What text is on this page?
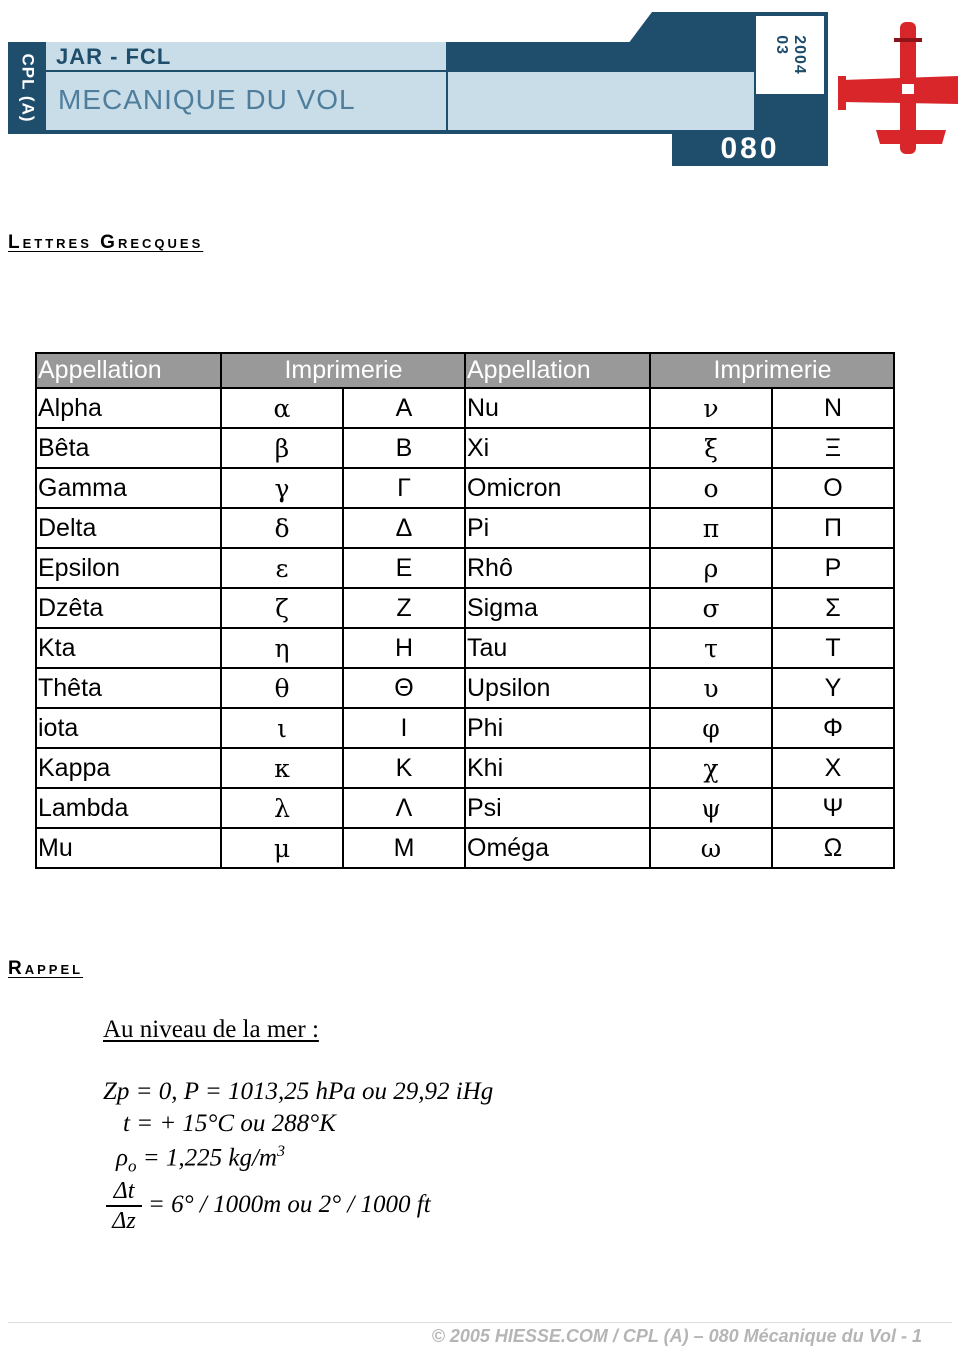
CPL (A) JAR - FCL
MECANIQUE DU VOL
2004
03
080
Lettres Grecques
Appellation	Imprimerie		Appellation	Imprimerie	
Alpha	α	A	Nu	ν	N
Bêta	β	B	Xi	ξ	Ξ
Gamma	γ	Γ	Omicron	ο	O
Delta	δ	Δ	Pi	π	Π
Epsilon	ε	E	Rhô	ρ	P
Dzêta	ζ	Z	Sigma	σ	Σ
Kta	η	H	Tau	τ	T
Thêta	θ	Θ	Upsilon	υ	Y
iota	ι	I	Phi	φ	Φ
Kappa	κ	K	Khi	χ	X
Lambda	λ	Λ	Psi	ψ	Ψ
Mu	μ	M	Oméga	ω	Ω
Rappel
Au niveau de la mer :
Zp = 0, P = 1013,25 hPa ou 29,92 iHg
t = + 15°C ou 288°K
$\rho_o = 1,225$ $kg/m^3$
Δt
Δz
= 6° / 1000m ou 2° / 1000 ft
© 2005 HIESSE.COM / CPL (A) – 080 Mécanique du Vol - 1
